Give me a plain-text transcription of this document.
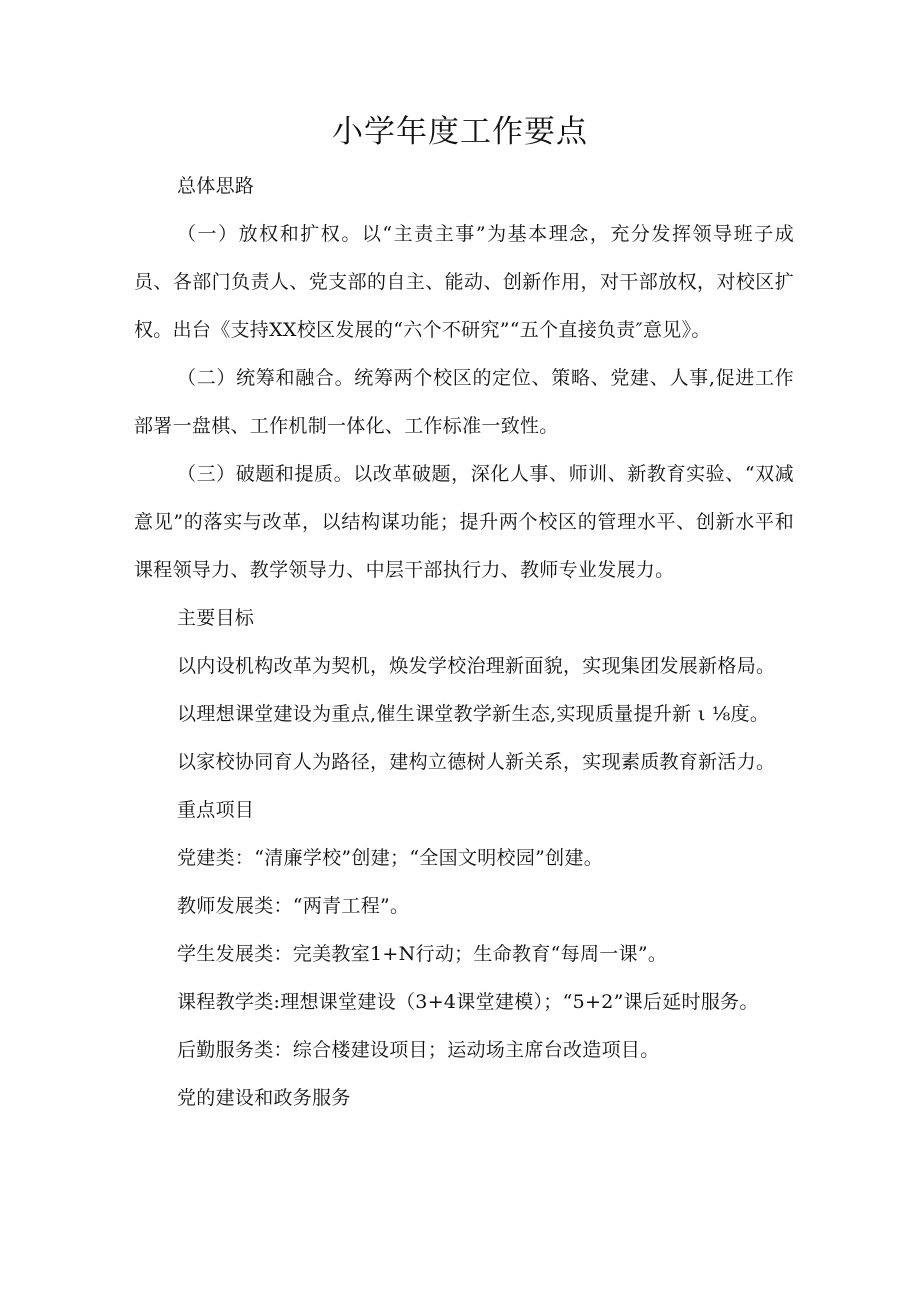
小学年度工作要点

总体思路

（一）放权和扩权。以“主责主事”为基本理念，充分发挥领导班子成员、各部门负责人、党支部的自主、能动、创新作用，对干部放权，对校区扩权。出台《支持XX校区发展的“六个不研究”“五个直接负责″意见》。

（二）统筹和融合。统筹两个校区的定位、策略、党建、人事,促进工作部署一盘棋、工作机制一体化、工作标准一致性。

（三）破题和提质。以改革破题，深化人事、师训、新教育实验、“双减意见”的落实与改革，以结构谋功能；提升两个校区的管理水平、创新水平和课程领导力、教学领导力、中层干部执行力、教师专业发展力。

主要目标

以内设机构改革为契机，焕发学校治理新面貌，实现集团发展新格局。

以理想课堂建设为重点,催生课堂教学新生态,实现质量提升新 ι ⅛度。

以家校协同育人为路径，建构立德树人新关系，实现素质教育新活力。

重点项目

党建类：“清廉学校”创建；“全国文明校园”创建。

教师发展类：“两青工程”。

学生发展类：完美教室1+N行动；生命教育“每周一课”。

课程教学类:理想课堂建设（3+4课堂建模）；“5+2”课后延时服务。

后勤服务类：综合楼建设项目；运动场主席台改造项目。

党的建设和政务服务
